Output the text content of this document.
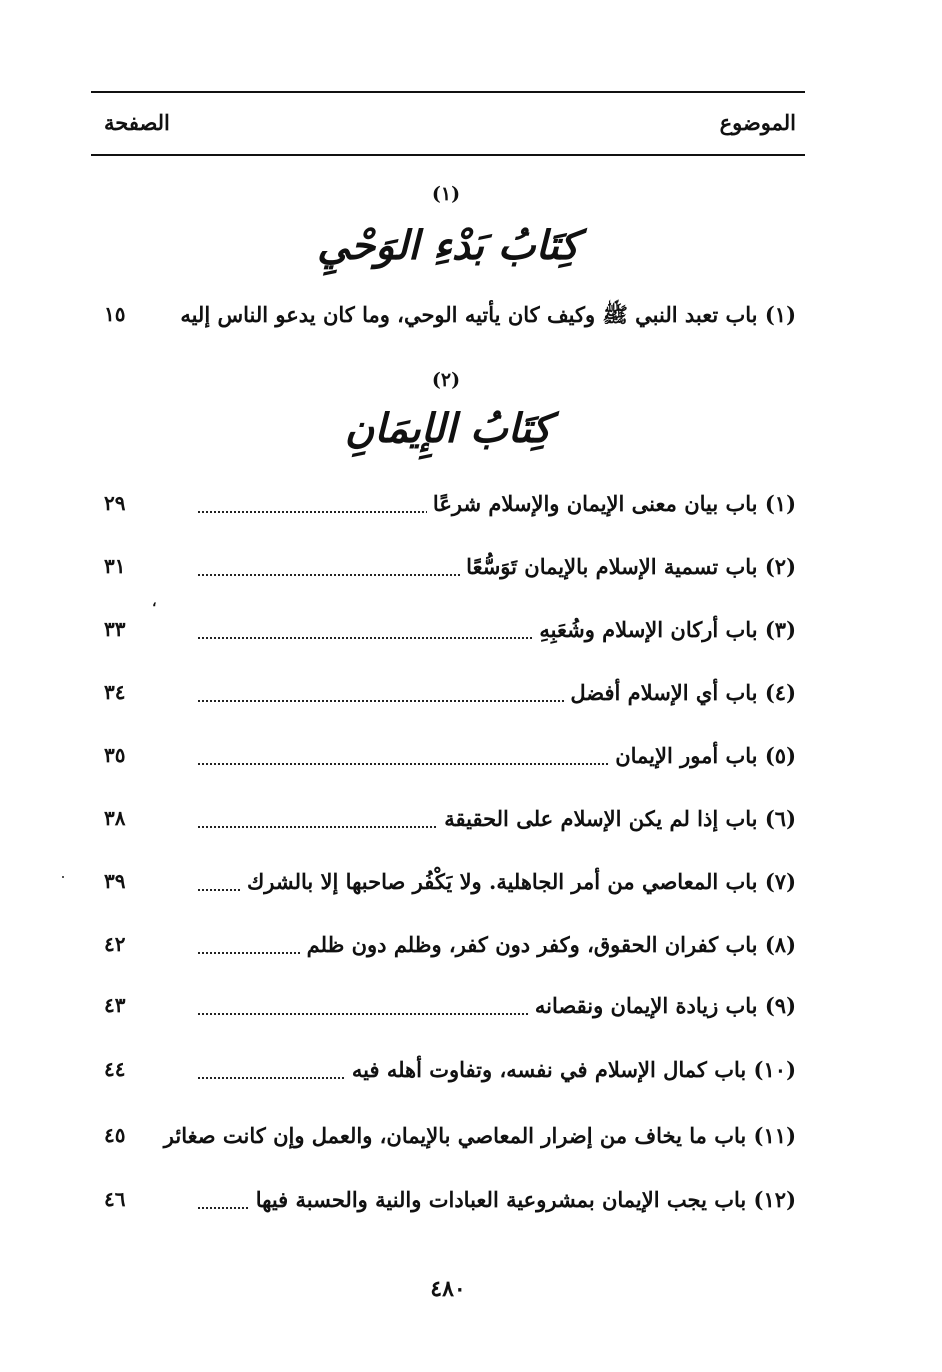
الموضوع
الصفحة
(١)
كِتَابُ بَدْءِ الوَحْيِ
(١) باب تعبد النبي ﷺ وكيف كان يأتيه الوحي، وما كان يدعو الناس إليه
١٥
(٢)
كِتَابُ الإِيمَانِ
(١) باب بيان معنى الإيمان والإسلام شرعًا
٢٩
(٢) باب تسمية الإسلام بالإيمان تَوَسُّعًا
٣١
،
(٣) باب أركان الإسلام وشُعَبِهِ
٣٣
(٤) باب أي الإسلام أفضل
٣٤
(٥) باب أمور الإيمان
٣٥
(٦) باب إذا لم يكن الإسلام على الحقيقة
٣٨
(٧) باب المعاصي من أمر الجاهلية. ولا يَكْفُر صاحبها إلا بالشرك
٣٩
(٨) باب كفران الحقوق، وكفر دون كفر، وظلم دون ظلم
٤٢
(٩) باب زيادة الإيمان ونقصانه
٤٣
(١٠) باب كمال الإسلام في نفسه، وتفاوت أهله فيه
٤٤
(١١) باب ما يخاف من إضرار المعاصي بالإيمان، والعمل وإن كانت صغائر
٤٥
(١٢) باب يجب الإيمان بمشروعية العبادات والنية والحسبة فيها
٤٦
٤٨٠
